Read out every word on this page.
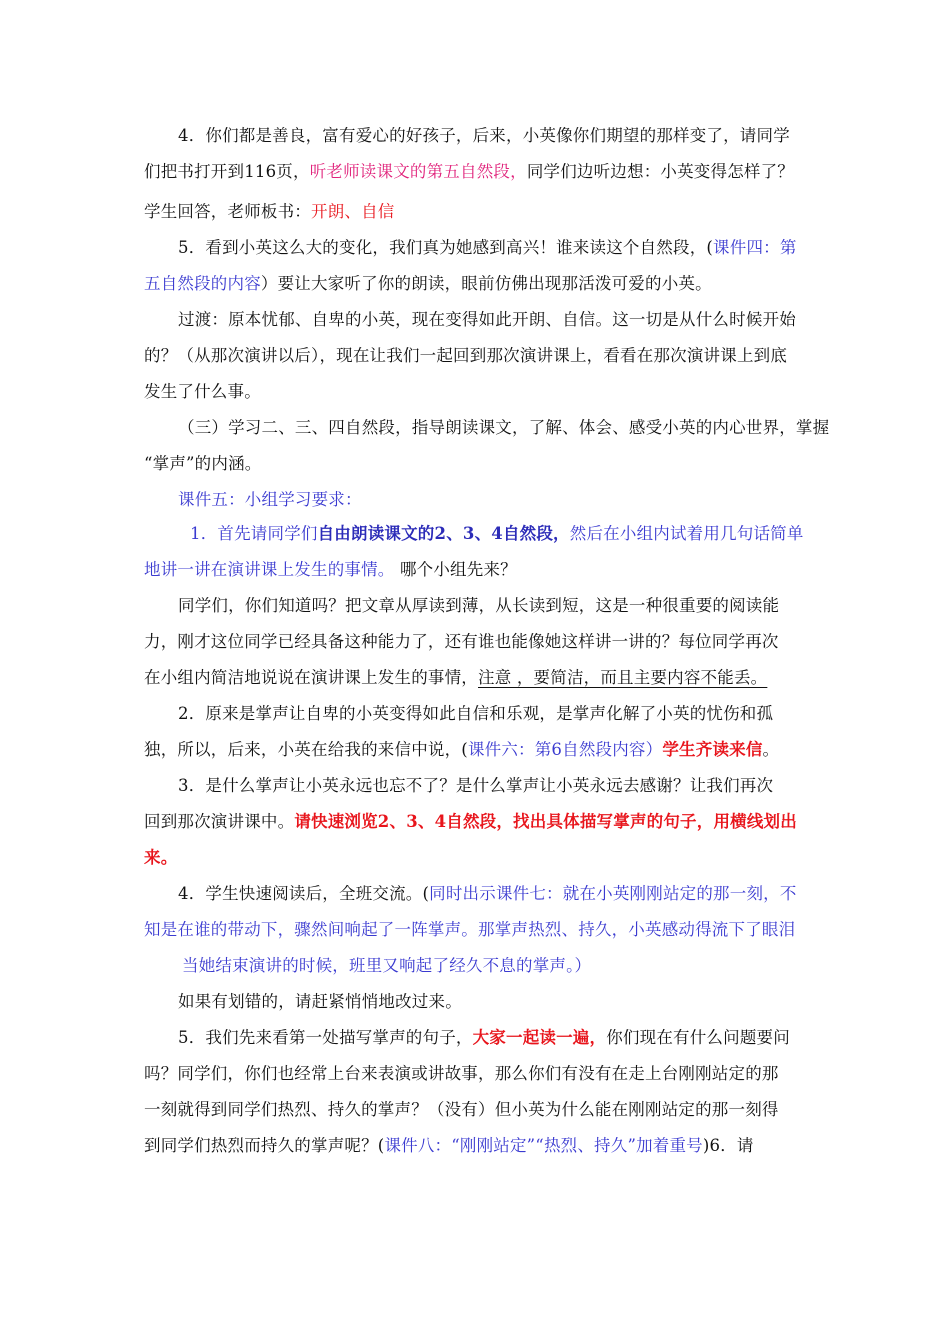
4．你们都是善良，富有爱心的好孩子，后来，小英像你们期望的那样变了，请同学
们把书打开到116页，听老师读课文的第五自然段，同学们边听边想：小英变得怎样了？
学生回答，老师板书：开朗、自信
5．看到小英这么大的变化，我们真为她感到高兴！谁来读这个自然段，(课件四：第
五自然段的内容）要让大家听了你的朗读，眼前仿佛出现那活泼可爱的小英。
过渡：原本忧郁、自卑的小英，现在变得如此开朗、自信。这一切是从什么时候开始
的？（从那次演讲以后），现在让我们一起回到那次演讲课上，看看在那次演讲课上到底
发生了什么事。
（三）学习二、三、四自然段，指导朗读课文，了解、体会、感受小英的内心世界，掌握
“掌声”的内涵。
课件五：小组学习要求：
1．首先请同学们自由朗读课文的2、3、4自然段，然后在小组内试着用几句话简单
地讲一讲在演讲课上发生的事情。 哪个小组先来？
同学们，你们知道吗？把文章从厚读到薄，从长读到短，这是一种很重要的阅读能
力，刚才这位同学已经具备这种能力了，还有谁也能像她这样讲一讲的？每位同学再次
在小组内简洁地说说在演讲课上发生的事情，注意 ，要简洁，而且主要内容不能丢。
2．原来是掌声让自卑的小英变得如此自信和乐观，是掌声化解了小英的忧伤和孤
独，所以，后来，小英在给我的来信中说，(课件六：第6自然段内容）学生齐读来信。
3．是什么掌声让小英永远也忘不了？是什么掌声让小英永远去感谢？让我们再次
回到那次演讲课中。请快速浏览2、3、4自然段，找出具体描写掌声的句子，用横线划出
来。
4．学生快速阅读后，全班交流。(同时出示课件七：就在小英刚刚站定的那一刻，不
知是在谁的带动下，骤然间响起了一阵掌声。那掌声热烈、持久，小英感动得流下了眼泪
当她结束演讲的时候，班里又响起了经久不息的掌声。）
如果有划错的，请赶紧悄悄地改过来。
5．我们先来看第一处描写掌声的句子，大家一起读一遍，你们现在有什么问题要问
吗？同学们，你们也经常上台来表演或讲故事，那么你们有没有在走上台刚刚站定的那
一刻就得到同学们热烈、持久的掌声？（没有）但小英为什么能在刚刚站定的那一刻得
到同学们热烈而持久的掌声呢？(课件八：“刚刚站定”“热烈、持久”加着重号)6．请
